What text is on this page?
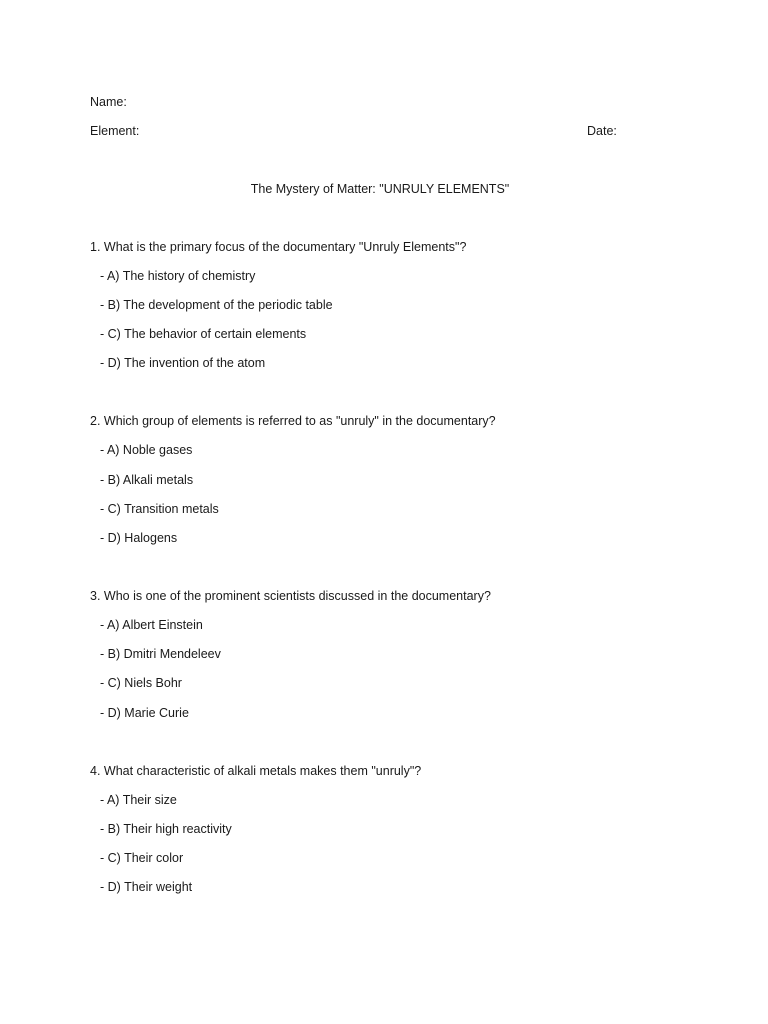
Name:
Element:	Date:
The Mystery of Matter: "UNRULY ELEMENTS"
1. What is the primary focus of the documentary "Unruly Elements"?
- A) The history of chemistry
- B) The development of the periodic table
- C) The behavior of certain elements
- D) The invention of the atom
2. Which group of elements is referred to as "unruly" in the documentary?
- A) Noble gases
- B) Alkali metals
- C) Transition metals
- D) Halogens
3. Who is one of the prominent scientists discussed in the documentary?
- A) Albert Einstein
- B) Dmitri Mendeleev
- C) Niels Bohr
- D) Marie Curie
4. What characteristic of alkali metals makes them "unruly"?
- A) Their size
- B) Their high reactivity
- C) Their color
- D) Their weight
